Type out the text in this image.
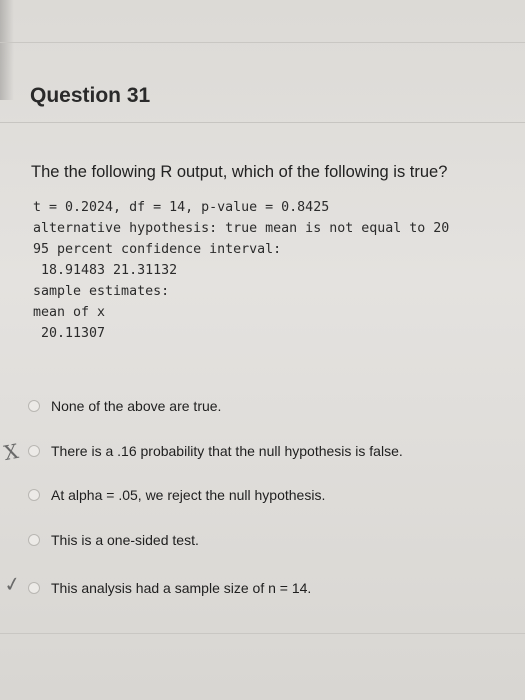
Question 31
The the following R output, which of the following is true?
t = 0.2024, df = 14, p-value = 0.8425
alternative hypothesis: true mean is not equal to 20
95 percent confidence interval:
18.91483 21.31132
sample estimates:
mean of x
20.11307
None of the above are true.
X There is a .16 probability that the null hypothesis is false.
At alpha = .05, we reject the null hypothesis.
This is a one-sided test.
✓ This analysis had a sample size of n = 14.
